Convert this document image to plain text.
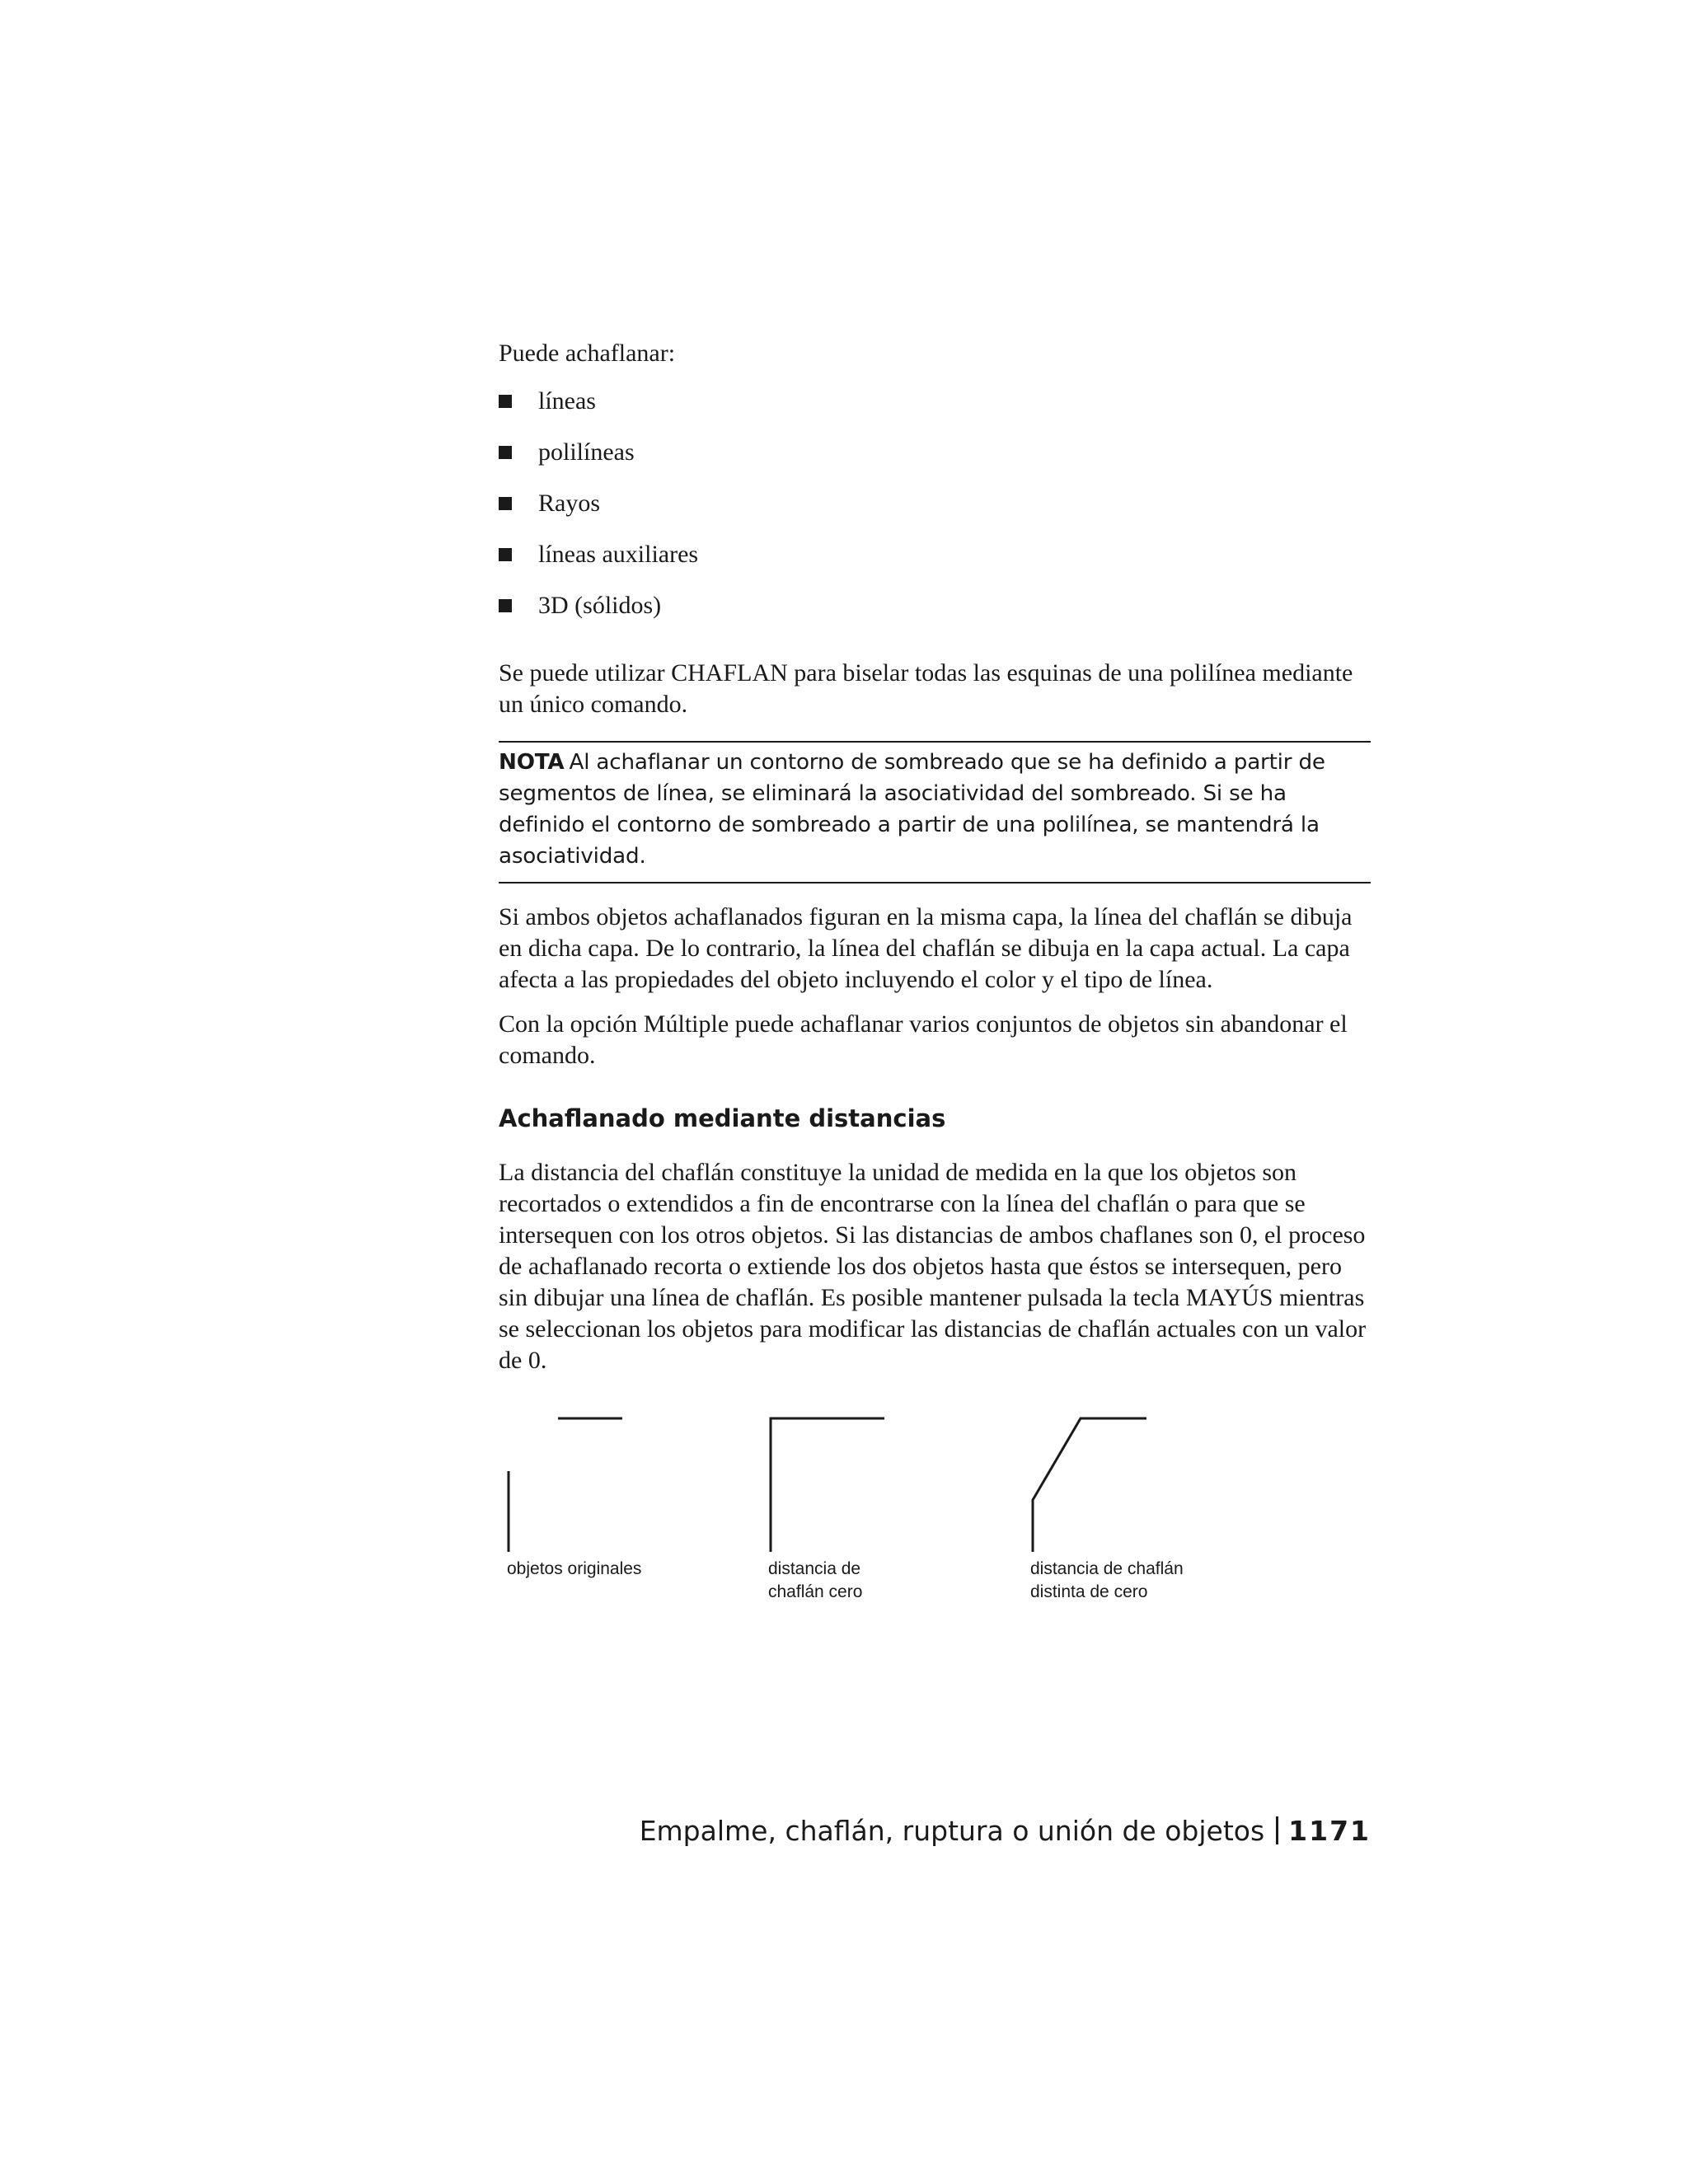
Puede achaflanar:

líneas
polilíneas
Rayos
líneas auxiliares
3D (sólidos)

Se puede utilizar CHAFLAN para biselar todas las esquinas de una polilínea mediante un único comando.

NOTA Al achaflanar un contorno de sombreado que se ha definido a partir de segmentos de línea, se eliminará la asociatividad del sombreado. Si se ha definido el contorno de sombreado a partir de una polilínea, se mantendrá la asociatividad.

Si ambos objetos achaflanados figuran en la misma capa, la línea del chaflán se dibuja en dicha capa. De lo contrario, la línea del chaflán se dibuja en la capa actual. La capa afecta a las propiedades del objeto incluyendo el color y el tipo de línea.

Con la opción Múltiple puede achaflanar varios conjuntos de objetos sin abandonar el comando.

Achaflanado mediante distancias

La distancia del chaflán constituye la unidad de medida en la que los objetos son recortados o extendidos a fin de encontrarse con la línea del chaflán o para que se intersequen con los otros objetos. Si las distancias de ambos chaflanes son 0, el proceso de achaflanado recorta o extiende los dos objetos hasta que éstos se intersequen, pero sin dibujar una línea de chaflán. Es posible mantener pulsada la tecla MAYÚS mientras se seleccionan los objetos para modificar las distancias de chaflán actuales con un valor de 0.

objetos originales	distancia de
chaflán cero
distancia de chaflán
distinta de cero
Empalme, chaflán, ruptura o unión de objetos 1171
